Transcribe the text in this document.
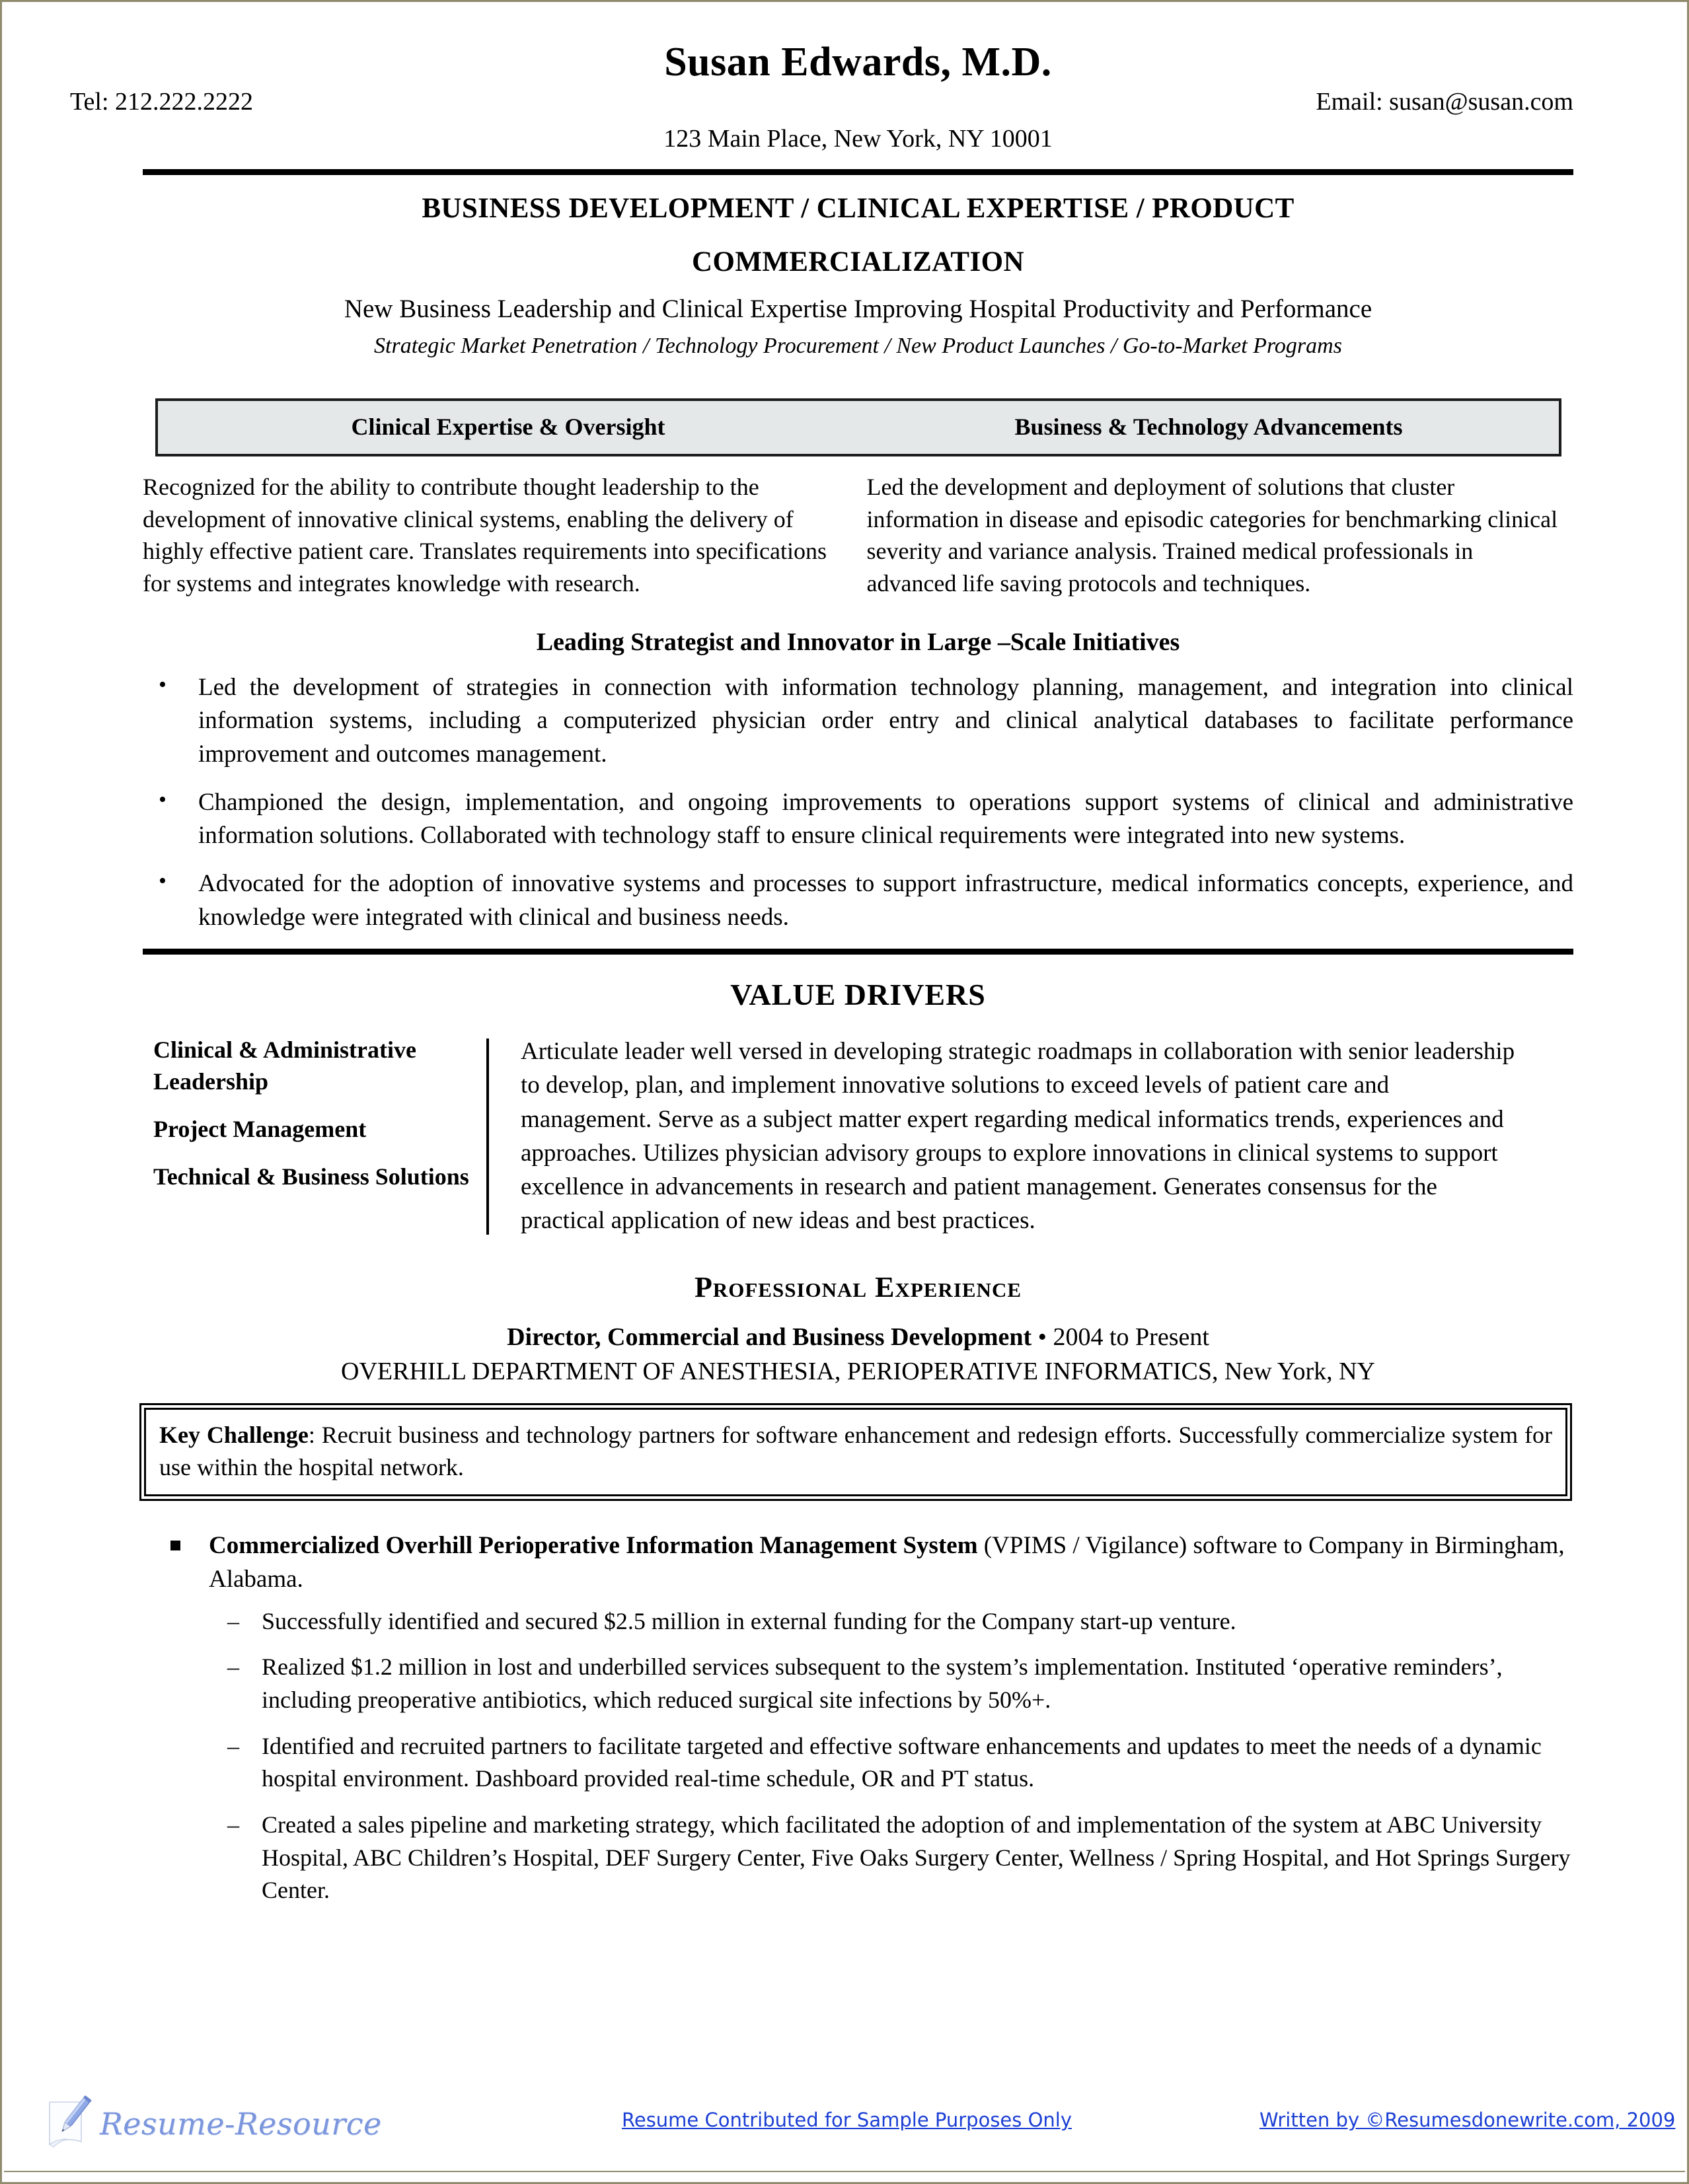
Susan Edwards, M.D.
Tel: 212.222.2222	Email: susan@susan.com
123 Main Place, New York, NY 10001
BUSINESS DEVELOPMENT / CLINICAL EXPERTISE / PRODUCT
COMMERCIALIZATION
New Business Leadership and Clinical Expertise Improving Hospital Productivity and Performance
Strategic Market Penetration / Technology Procurement / New Product Launches / Go-to-Market Programs
Clinical Expertise & Oversight	Business & Technology Advancements
Recognized for the ability to contribute thought leadership to the development of innovative clinical systems, enabling the delivery of highly effective patient care. Translates requirements into specifications for systems and integrates knowledge with research.
Led the development and deployment of solutions that cluster information in disease and episodic categories for benchmarking clinical severity and variance analysis. Trained medical professionals in advanced life saving protocols and techniques.
Leading Strategist and Innovator in Large –Scale Initiatives
• Led the development of strategies in connection with information technology planning, management, and integration into clinical information systems, including a computerized physician order entry and clinical analytical databases to facilitate performance improvement and outcomes management.
• Championed the design, implementation, and ongoing improvements to operations support systems of clinical and administrative information solutions. Collaborated with technology staff to ensure clinical requirements were integrated into new systems.
• Advocated for the adoption of innovative systems and processes to support infrastructure, medical informatics concepts, experience, and knowledge were integrated with clinical and business needs.
VALUE DRIVERS
Clinical & Administrative Leadership
Project Management
Technical & Business Solutions
Articulate leader well versed in developing strategic roadmaps in collaboration with senior leadership to develop, plan, and implement innovative solutions to exceed levels of patient care and management. Serve as a subject matter expert regarding medical informatics trends, experiences and approaches. Utilizes physician advisory groups to explore innovations in clinical systems to support excellence in advancements in research and patient management. Generates consensus for the practical application of new ideas and best practices.
Professional Experience
Director, Commercial and Business Development • 2004 to Present
OVERHILL DEPARTMENT OF ANESTHESIA, PERIOPERATIVE INFORMATICS, New York, NY
Key Challenge: Recruit business and technology partners for software enhancement and redesign efforts. Successfully commercialize system for use within the hospital network.
Commercialized Overhill Perioperative Information Management System (VPIMS / Vigilance) software to Company in Birmingham, Alabama.
– Successfully identified and secured $2.5 million in external funding for the Company start-up venture.
– Realized $1.2 million in lost and underbilled services subsequent to the system’s implementation. Instituted ‘operative reminders’, including preoperative antibiotics, which reduced surgical site infections by 50%+.
– Identified and recruited partners to facilitate targeted and effective software enhancements and updates to meet the needs of a dynamic hospital environment. Dashboard provided real-time schedule, OR and PT status.
– Created a sales pipeline and marketing strategy, which facilitated the adoption of and implementation of the system at ABC University Hospital, ABC Children’s Hospital, DEF Surgery Center, Five Oaks Surgery Center, Wellness / Spring Hospital, and Hot Springs Surgery Center.
Resume-Resource	Resume Contributed for Sample Purposes Only	Written by ©Resumesdonewrite.com, 2009
